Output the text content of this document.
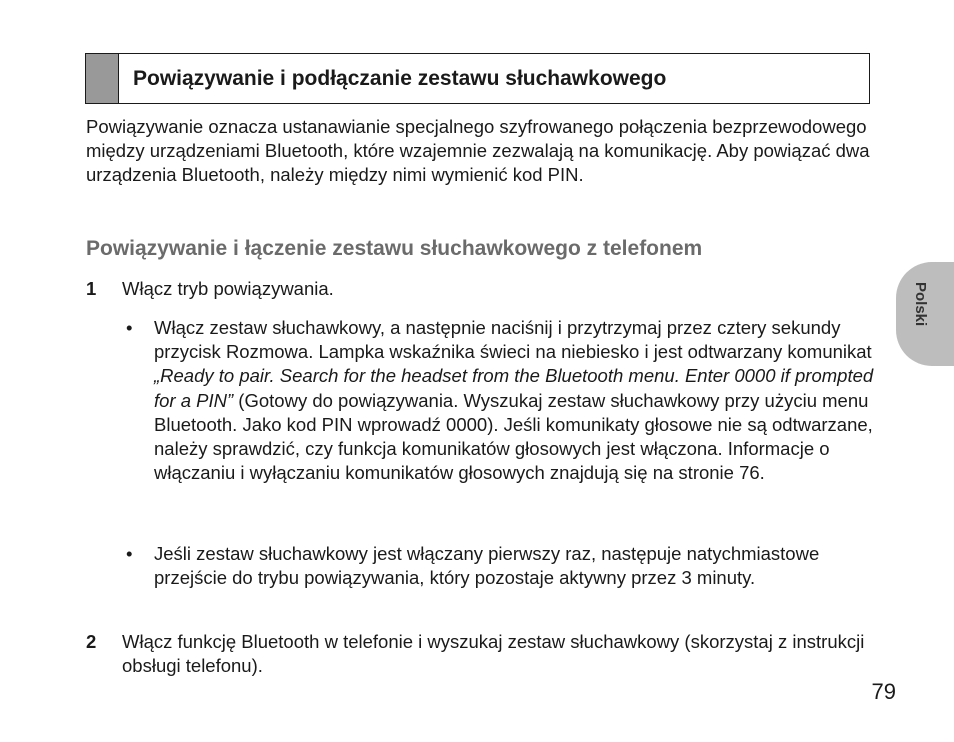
Powiązywanie i podłączanie zestawu słuchawkowego

Powiązywanie oznacza ustanawianie specjalnego szyfrowanego połączenia bezprzewodowego między urządzeniami Bluetooth, które wzajemnie zezwalają na komunikację. Aby powiązać dwa urządzenia Bluetooth, należy między nimi wymienić kod PIN.

Powiązywanie i łączenie zestawu słuchawkowego z telefonem
1 Włącz tryb powiązywania.
• Włącz zestaw słuchawkowy, a następnie naciśnij i przytrzymaj przez cztery sekundy przycisk Rozmowa. Lampka wskaźnika świeci na niebiesko i jest odtwarzany komunikat „Ready to pair. Search for the headset from the Bluetooth menu. Enter 0000 if prompted for a PIN” (Gotowy do powiązywania. Wyszukaj zestaw słuchawkowy przy użyciu menu Bluetooth. Jako kod PIN wprowadź 0000). Jeśli komunikaty głosowe nie są odtwarzane, należy sprawdzić, czy funkcja komunikatów głosowych jest włączona. Informacje o włączaniu i wyłączaniu komunikatów głosowych znajdują się na stronie 76.
• Jeśli zestaw słuchawkowy jest włączany pierwszy raz, następuje natychmiastowe przejście do trybu powiązywania, który pozostaje aktywny przez 3 minuty.
2 Włącz funkcję Bluetooth w telefonie i wyszukaj zestaw słuchawkowy (skorzystaj z instrukcji obsługi telefonu).
Polski
79
